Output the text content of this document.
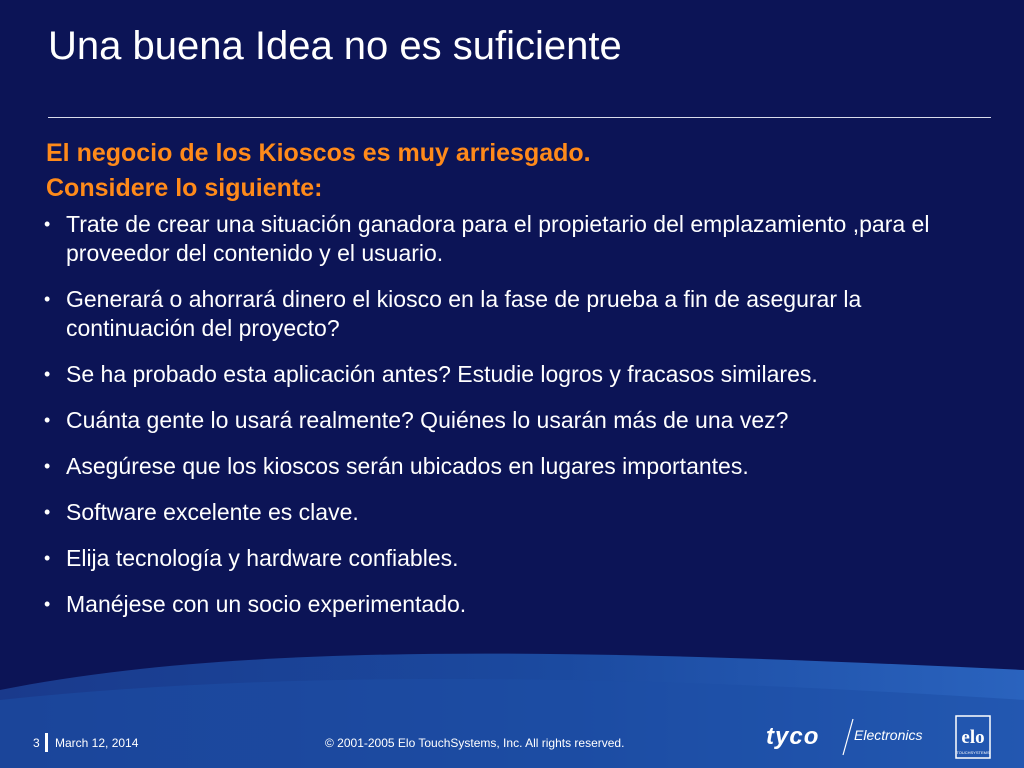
Una buena Idea no es suficiente
El negocio de los Kioscos es muy arriesgado.
Considere lo siguiente:
• Trate de crear una situación ganadora para el propietario del emplazamiento ,para el proveedor del contenido y el usuario.
• Generará o ahorrará dinero el kiosco en la fase de prueba a fin de asegurar la continuación del proyecto?
• Se ha probado esta aplicación antes? Estudie logros y fracasos similares.
• Cuánta gente lo usará realmente? Quiénes lo usarán más de una vez?
• Asegúrese que los kioscos serán ubicados en lugares importantes.
• Software excelente es clave.
• Elija tecnología y hardware confiables.
• Manéjese con un socio experimentado.
3 March 12, 2014	© 2001-2005 Elo TouchSystems, Inc. All rights reserved.	tyco Electronics elo
TOUCHSYSTEMS
